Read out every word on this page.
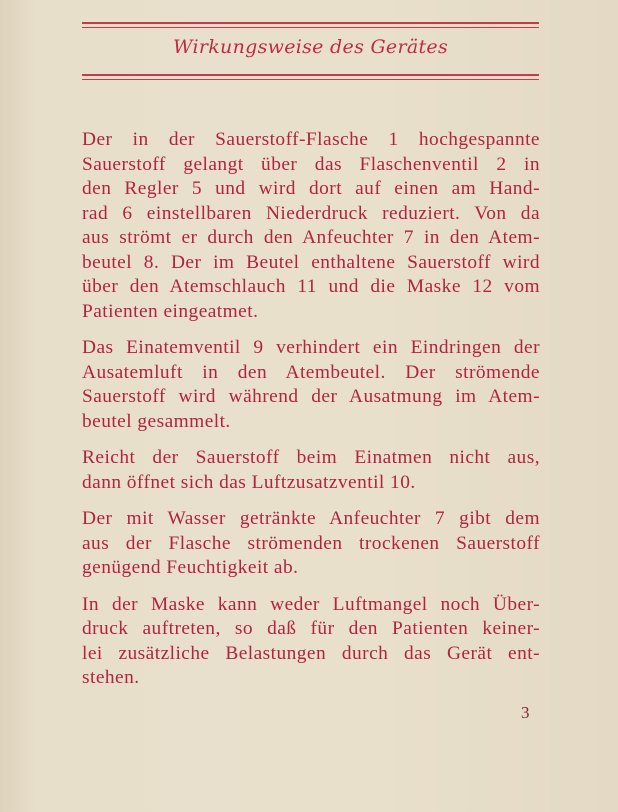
Wirkungsweise des Gerätes

Der in der Sauerstoff-Flasche 1 hochgespannte
Sauerstoff gelangt über das Flaschenventil 2 in
den Regler 5 und wird dort auf einen am Hand-
rad 6 einstellbaren Niederdruck reduziert. Von da
aus strömt er durch den Anfeuchter 7 in den Atem-
beutel 8. Der im Beutel enthaltene Sauerstoff wird
über den Atemschlauch 11 und die Maske 12 vom
Patienten eingeatmet.

Das Einatemventil 9 verhindert ein Eindringen der
Ausatemluft in den Atembeutel. Der strömende
Sauerstoff wird während der Ausatmung im Atem-
beutel gesammelt.

Reicht der Sauerstoff beim Einatmen nicht aus,
dann öffnet sich das Luftzusatzventil 10.

Der mit Wasser getränkte Anfeuchter 7 gibt dem
aus der Flasche strömenden trockenen Sauerstoff
genügend Feuchtigkeit ab.

In der Maske kann weder Luftmangel noch Über-
druck auftreten, so daß für den Patienten keiner-
lei zusätzliche Belastungen durch das Gerät ent-
stehen.

3
